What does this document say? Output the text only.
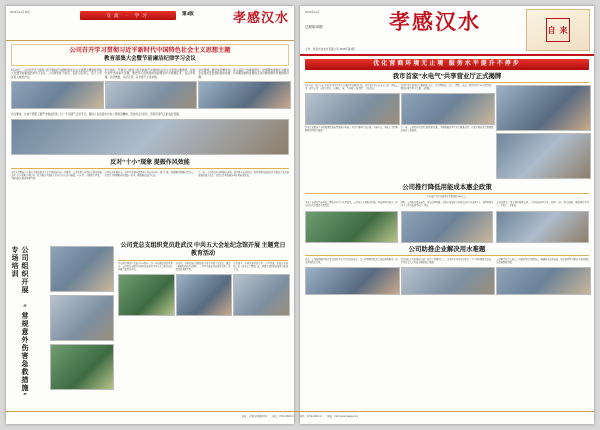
2023年11月30日
交流 · 学习	第4版	孝感汉水
公司召开学习贯彻习近平新时代中国特色社会主义思想主题
教育部集大会暨节前廉洁纪律学习会议
9月27日，公司召开学习贯彻习近平新时代中国特色社会主义思想主题教育部集大会暨节前廉洁纪律学习会议。公司领导班子成员、各部门负责人、各子公司负责人参加会议。
会议指出，开展学习贯彻习近平新时代中国特色社会主义思想主题教育，是党中央作出的重大部署，要把学习贯彻党的创新理论作为首要任务，在以学铸魂、以学增智、以学正风、以学促干上见实效。
会议强调，要坚持问题导向，深入基层一线调查研究，把调研成果转化为推动企业高质量发展的具体举措，切实解决制约发展的突出问题和群众急难愁盼问题。
会议要求，全体干部职工要严守廉洁纪律，过一个风清气正的节日。要持之以恒落实中央八项规定精神，坚决纠治“四风”，营造风清气正的良好氛围。
反对“十小”现象 提振作风效能
为深入贯彻落实上级关于整治形式主义为基层减负的工作要求，公司党委在全系统范围内开展反对“十小”现象专项行动，着力解决干部职工队伍中存在的小懒散、小应付、小推诿等问题，不断提振干事创业精气神。
专项行动开展以来，各单位对照问题清单认真自查自纠，建立台账，明确整改时限和责任人，以钉钉子精神推动问题逐一销号，确保整治取得实效。
下一步，公司将持续巩固整治成果，建立健全长效机制，把作风建设成效转化为推动企业改革发展的强大动力，以优良作风保障各项任务落地见效。
公司组织开展 “常规意外伤害急救措施” 专场培训	公司党总支组织党员赴武汉 中共五大会址纪念馆开展 主题党日教育活动
为庆祝中国共产党成立102周年，进一步加强党员党性教育，公司党总支组织全体党员赴武汉中共五大会址纪念馆开展主题党日活动。
活动中，全体党员在讲解员的引导下参观了纪念馆，通过一幅幅珍贵的历史照片、一件件承载记忆的革命文物，重温党的光辉历程。
在党旗下，全体党员举起右拳，庄严宣誓，重温入党誓词，进一步坚定了理想信念，增强了党组织的凝聚力和战斗力。
2023年11月
总期第15期	孝感汉水	自 来
主办：孝感市自来水有限公司 2023年第3期
优化营商环境无止境 服务水平提升不停步
我市首家“水电气”共享营业厅正式揭牌
8月15日，我市首家“水电气”共享营业厅在城区正式揭牌启用。该营业厅由市自来水公司、供电公司、燃气公司三家联合打造，实现水、电、气业务“一窗受理、一站办结”。
营业厅还配备了自助服务终端和智能导办系统，并设立帮办代办专席，为老年人、残疾人等特殊群体提供贴心服务。
共享营业厅设置综合服务窗口5个，可办理报装、过户、缴费、查询、发票打印等30余项业务，群众办事不再“多头跑、来回跑”。
下一步，公司将持续深化“放管服”改革，不断拓展共享营业厅服务范围，让更多群众享受到便捷高效的公共服务。
公司推行降低用能成本惠企政策
今年累计为企业减免各类费用约300万元。
为进一步优化营商环境，降低企业生产经营成本，公司出台多项惠企措施，对新建项目供水工程实行红线外费用全免政策。
同时，公司简化报装流程，压缩办理时限，将用水报装环节由原来的5个压减至3个，办理时间由20个工作日缩短至8个工作日。
公司还建立了重点项目服务专班，主动对接园区企业，提供“一对一”贴心服务，确保项目早开工、早投产、早见效。
公司助推企业解决用水难题
近日，公司接到辖区某企业反映用水压力不足的诉求后，第一时间组织技术人员赴现场勘查，制定管网改造方案。
经过连续多日的昼夜奋战，改造工程顺利完工，企业用水压力恢复正常，生产线全面恢复运转，企业负责人专程送来锦旗表示感谢。
公司相关负责人表示，将继续坚持问题导向，畅通诉求反映渠道，用心用情用力解决企业和群众的急难愁盼问题。
地址：孝感市XX路XX号　　电话：0712-2022×××　　传真：0712-2022×××　　网址：http://www.hsgsjs.com
